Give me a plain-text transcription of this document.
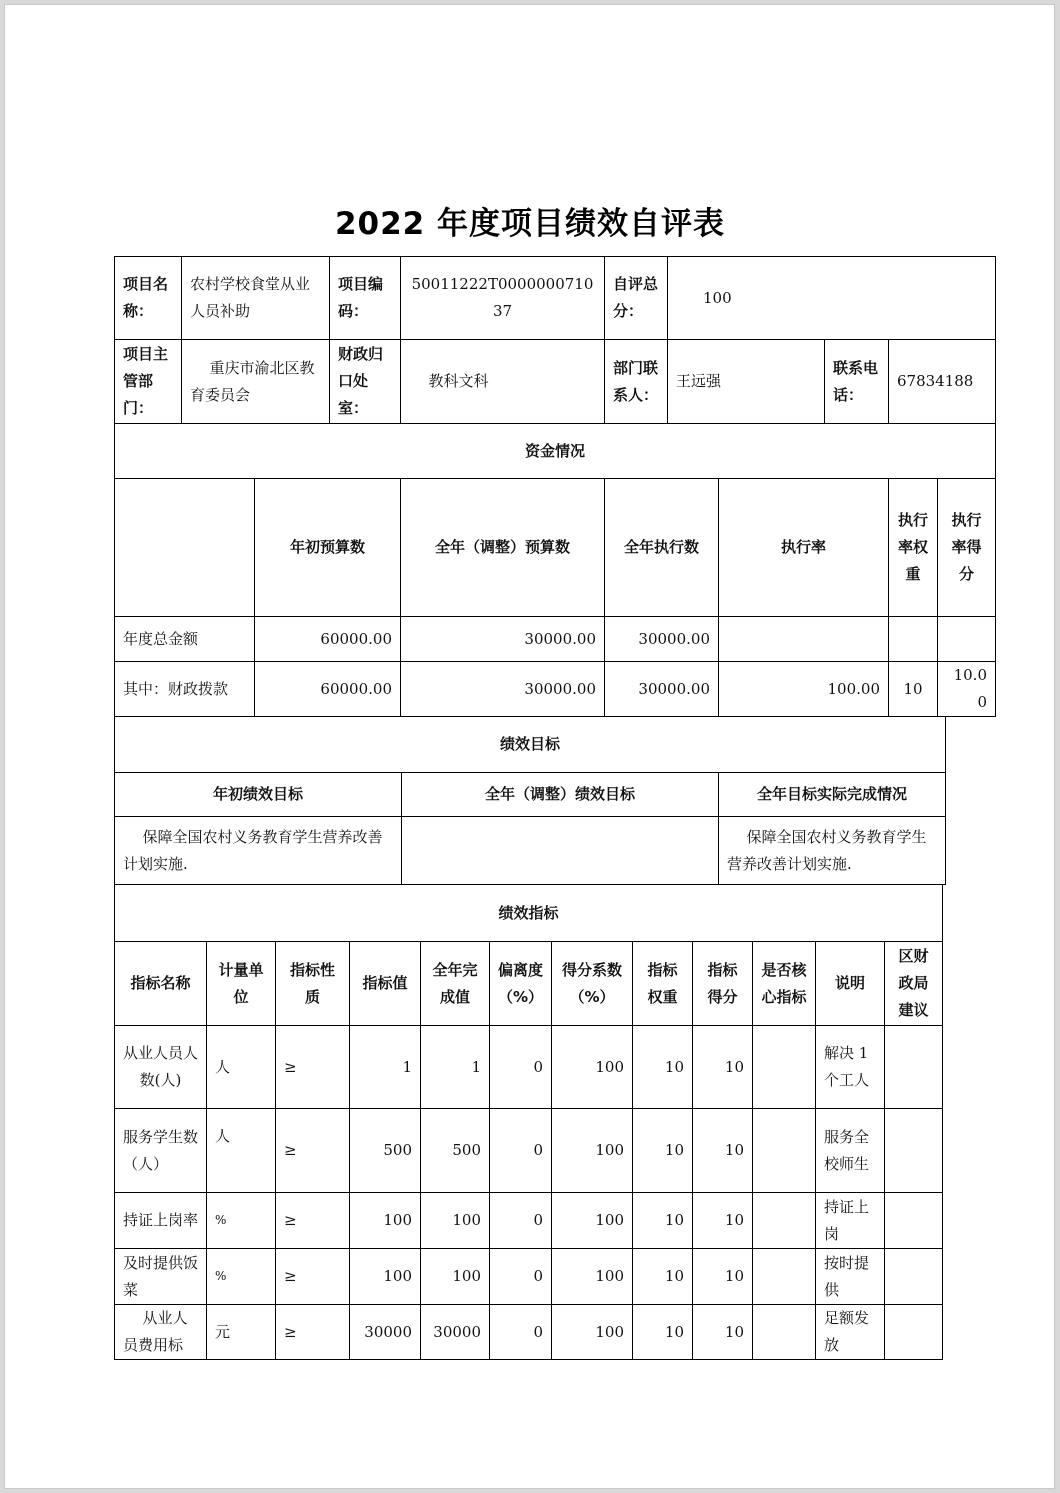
2022 年度项目绩效自评表
项目名称：	农村学校食堂从业人员补助		项目编码：	50011222T000000071037	自评总分：	100				
项目主管部门：	重庆市渝北区教育委员会		财政归口处室：	教科文科	部门联系人：	王远强		联系电话：	67834188	
资金情况										
		年初预算数		全年（调整）预算数	全年执行数		执行率		执行率权重	执行率得分
年度总金额		60000.00		30000.00	30000.00					
其中：财政拨款		60000.00		30000.00	30000.00		100.00		10	10.00
绩效目标		
年初绩效目标	全年（调整）绩效目标	全年目标实际完成情况
保障全国农村义务教育学生营养改善计划实施.		保障全国农村义务教育学生营养改善计划实施.
绩效指标											
指标名称	计量单位	指标性质	指标值	全年完成值	偏离度（%）	得分系数（%）	指标权重	指标得分	是否核心指标	说明	区财政局建议
从业人员人数(人)	人	≥	1	1	0	100	10	10		解决 1 个工人	
服务学生数（人）	人	≥	500	500	0	100	10	10		服务全校师生	
持证上岗率	%	≥	100	100	0	100	10	10		持证上岗	
及时提供饭菜	%	≥	100	100	0	100	10	10		按时提供	
从业人员费用标	元	≥	30000	30000	0	100	10	10		足额发放	
